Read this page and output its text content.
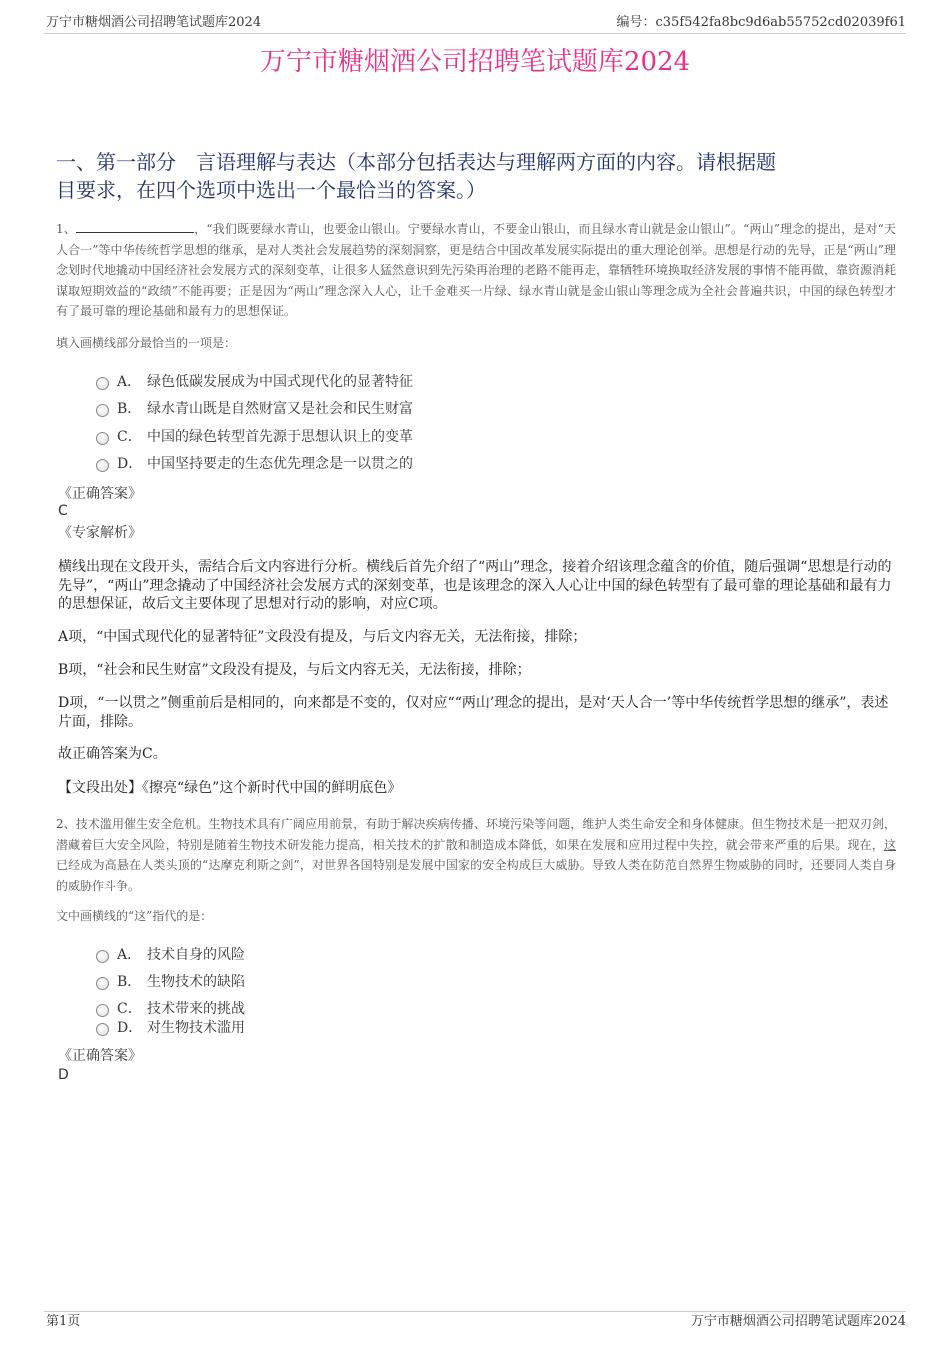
万宁市糖烟酒公司招聘笔试题库2024	编号：c35f542fa8bc9d6ab55752cd02039f61
万宁市糖烟酒公司招聘笔试题库2024
一、第一部分　言语理解与表达（本部分包括表达与理解两方面的内容。请根据题
目要求，在四个选项中选出一个最恰当的答案。）
1、	，“我们既要绿水青山，也要金山银山。宁要绿水青山，不要金山银山，而且绿水青山就是金山银山”。“两山”理念的提出，是对“天人合一”等中华传统哲学思想的继承，是对人类社会发展趋势的深刻洞察，更是结合中国改革发展实际提出的重大理论创举。思想是行动的先导，正是“两山”理念划时代地撬动中国经济社会发展方式的深刻变革，让很多人猛然意识到先污染再治理的老路不能再走，靠牺牲环境换取经济发展的事情不能再做，靠资源消耗谋取短期效益的“政绩”不能再要；正是因为“两山”理念深入人心，让千金难买一片绿、绿水青山就是金山银山等理念成为全社会普遍共识，中国的绿色转型才有了最可靠的理论基础和最有力的思想保证。
填入画横线部分最恰当的一项是：
A． 绿色低碳发展成为中国式现代化的显著特征
B． 绿水青山既是自然财富又是社会和民生财富
C． 中国的绿色转型首先源于思想认识上的变革
D． 中国坚持要走的生态优先理念是一以贯之的
《正确答案》
C
《专家解析》
横线出现在文段开头，需结合后文内容进行分析。横线后首先介绍了“两山”理念，接着介绍该理念蕴含的价值，随后强调“思想是行动的先导”，“两山”理念撬动了中国经济社会发展方式的深刻变革，也是该理念的深入人心让中国的绿色转型有了最可靠的理论基础和最有力的思想保证，故后文主要体现了思想对行动的影响，对应C项。
A项，“中国式现代化的显著特征”文段没有提及，与后文内容无关，无法衔接，排除；
B项，“社会和民生财富”文段没有提及，与后文内容无关，无法衔接，排除；
D项，“一以贯之”侧重前后是相同的，向来都是不变的，仅对应““两山’理念的提出，是对‘天人合一’等中华传统哲学思想的继承”，表述片面，排除。
故正确答案为C。
【文段出处】《擦亮“绿色”这个新时代中国的鲜明底色》
2、技术滥用催生安全危机。生物技术具有广阔应用前景，有助于解决疾病传播、环境污染等问题，维护人类生命安全和身体健康。但生物技术是一把双刃剑，潜藏着巨大安全风险，特别是随着生物技术研发能力提高，相关技术的扩散和制造成本降低，如果在发展和应用过程中失控，就会带来严重的后果。现在，这已经成为高悬在人类头顶的“达摩克利斯之剑”，对世界各国特别是发展中国家的安全构成巨大威胁。导致人类在防范自然界生物威胁的同时，还要同人类自身的威胁作斗争。
文中画横线的“这”指代的是：
A． 技术自身的风险
B． 生物技术的缺陷
C． 技术带来的挑战
D． 对生物技术滥用
《正确答案》
D
第1页	万宁市糖烟酒公司招聘笔试题库2024
